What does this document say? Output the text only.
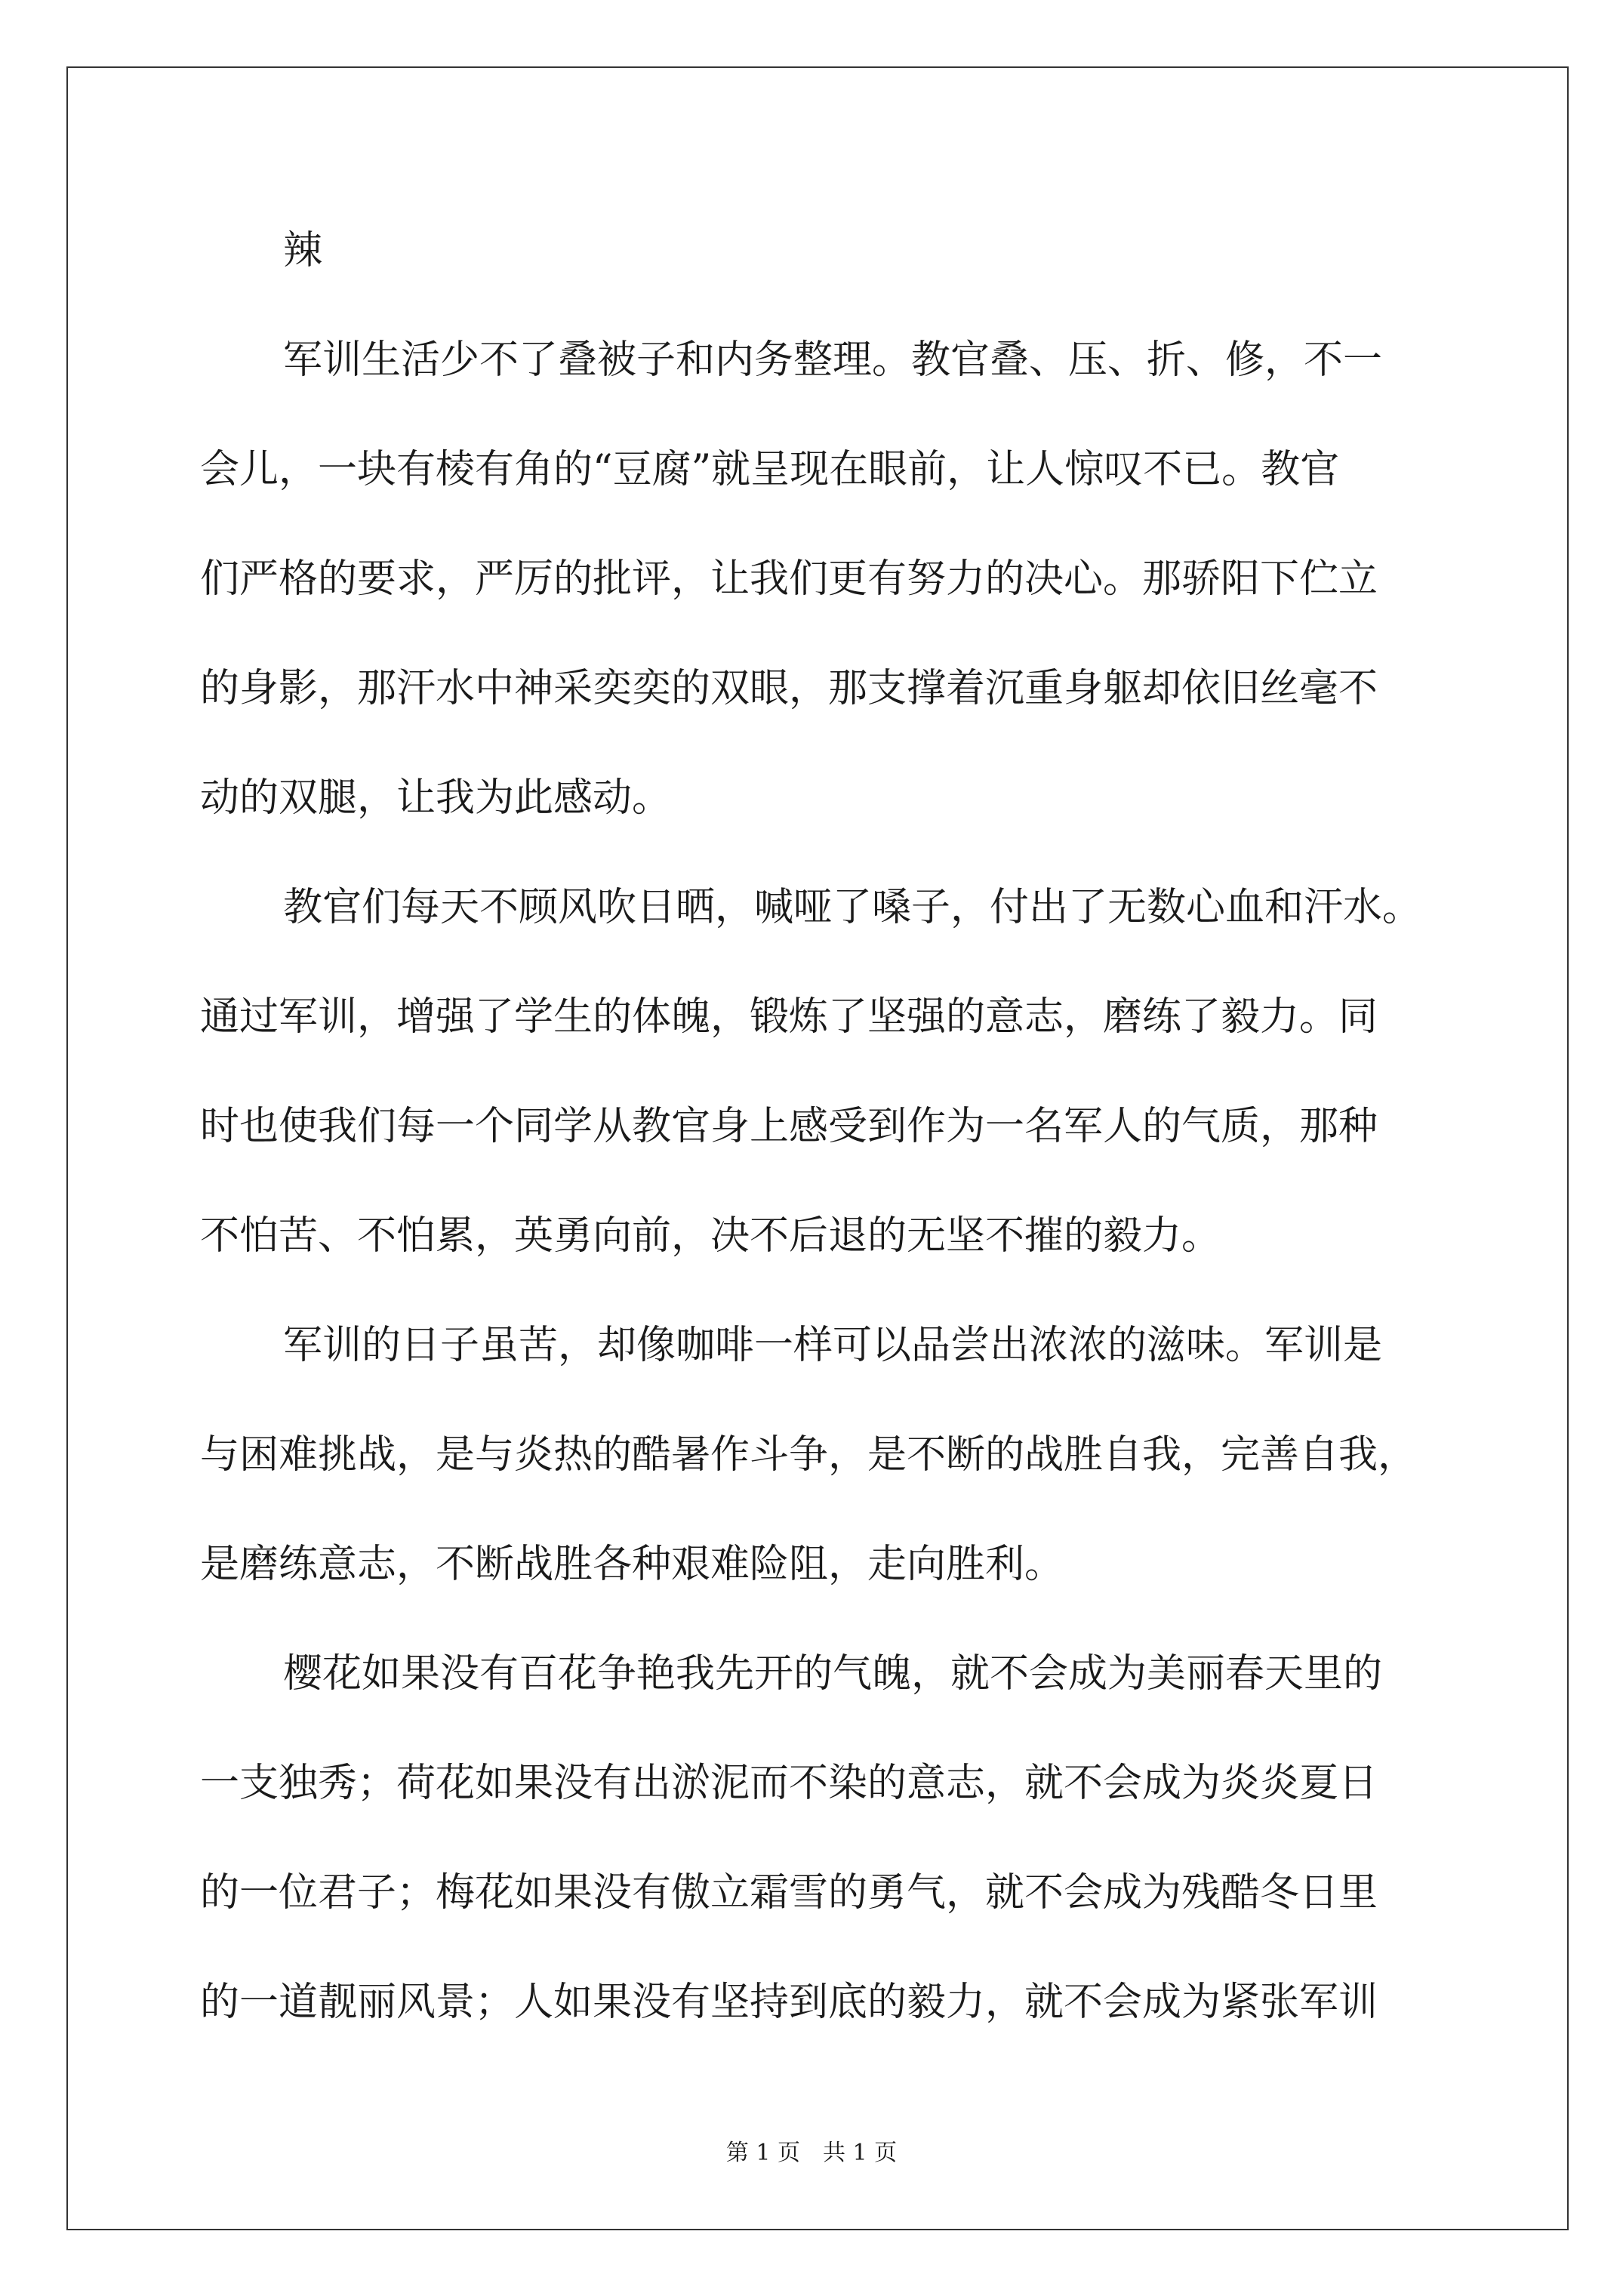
辣
军训生活少不了叠被子和内务整理。教官叠、压、折、修，不一
会儿，一块有棱有角的“豆腐”就呈现在眼前，让人惊叹不已。教官
们严格的要求，严厉的批评，让我们更有努力的决心。那骄阳下伫立
的身影，那汗水中神采奕奕的双眼，那支撑着沉重身躯却依旧丝毫不
动的双腿，让我为此感动。
教官们每天不顾风吹日晒，喊哑了嗓子，付出了无数心血和汗水。
通过军训，增强了学生的体魄，锻炼了坚强的意志，磨练了毅力。同
时也使我们每一个同学从教官身上感受到作为一名军人的气质，那种
不怕苦、不怕累，英勇向前，决不后退的无坚不摧的毅力。
军训的日子虽苦，却像咖啡一样可以品尝出浓浓的滋味。军训是
与困难挑战，是与炎热的酷暑作斗争，是不断的战胜自我，完善自我，
是磨练意志，不断战胜各种艰难险阻，走向胜利。
樱花如果没有百花争艳我先开的气魄，就不会成为美丽春天里的
一支独秀；荷花如果没有出淤泥而不染的意志，就不会成为炎炎夏日
的一位君子；梅花如果没有傲立霜雪的勇气，就不会成为残酷冬日里
的一道靓丽风景；人如果没有坚持到底的毅力，就不会成为紧张军训
第 1 页　共 1 页
